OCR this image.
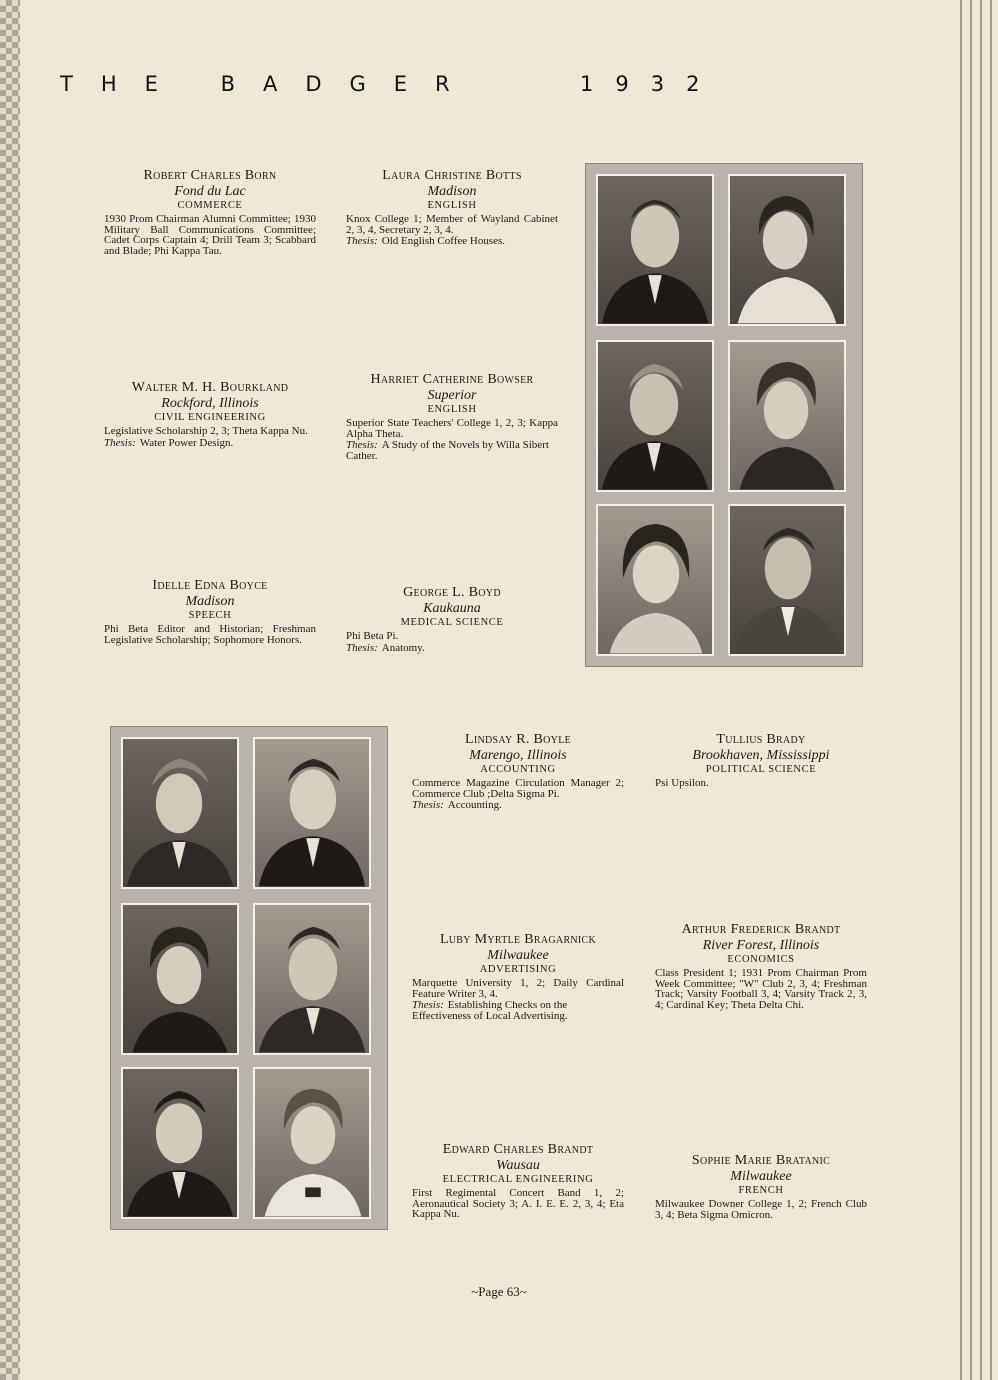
THE BADGER	1932
Robert Charles Born
Fond du Lac
COMMERCE
1930 Prom Chairman Alumni Committee; 1930 Military Ball Communications Committee; Cadet Corps Captain 4; Drill Team 3; Scabbard and Blade; Phi Kappa Tau.
Laura Christine Botts
Madison
ENGLISH
Knox College 1; Member of Wayland Cabinet 2, 3, 4, Secretary 2, 3, 4.
Thesis: Old English Coffee Houses.
Walter M. H. Bourkland
Rockford, Illinois
CIVIL ENGINEERING
Legislative Scholarship 2, 3; Theta Kappa Nu.
Thesis: Water Power Design.
Harriet Catherine Bowser
Superior
ENGLISH
Superior State Teachers' College 1, 2, 3; Kappa Alpha Theta.
Thesis: A Study of the Novels by Willa Sibert Cather.
Idelle Edna Boyce
Madison
SPEECH
Phi Beta Editor and Historian; Freshman Legislative Scholarship; Sophomore Honors.
George L. Boyd
Kaukauna
MEDICAL SCIENCE
Phi Beta Pi.
Thesis: Anatomy.
Lindsay R. Boyle
Marengo, Illinois
ACCOUNTING
Commerce Magazine Circulation Manager 2; Commerce Club ;Delta Sigma Pi.
Thesis: Accounting.
Tullius Brady
Brookhaven, Mississippi
POLITICAL SCIENCE
Psi Upsilon.
Luby Myrtle Bragarnick
Milwaukee
ADVERTISING
Marquette University 1, 2; Daily Cardinal Feature Writer 3, 4.
Thesis: Establishing Checks on the Effectiveness of Local Advertising.
Arthur Frederick Brandt
River Forest, Illinois
ECONOMICS
Class President 1; 1931 Prom Chairman Prom Week Committee; "W" Club 2, 3, 4; Freshman Track; Varsity Football 3, 4; Varsity Track 2, 3, 4; Cardinal Key; Theta Delta Chi.
Edward Charles Brandt
Wausau
ELECTRICAL ENGINEERING
First Regimental Concert Band 1, 2; Aeronautical Society 3; A. I. E. E. 2, 3, 4; Eta Kappa Nu.
Sophie Marie Bratanic
Milwaukee
FRENCH
Milwaukee Downer College 1, 2; French Club 3, 4; Beta Sigma Omicron.
~Page 63~
